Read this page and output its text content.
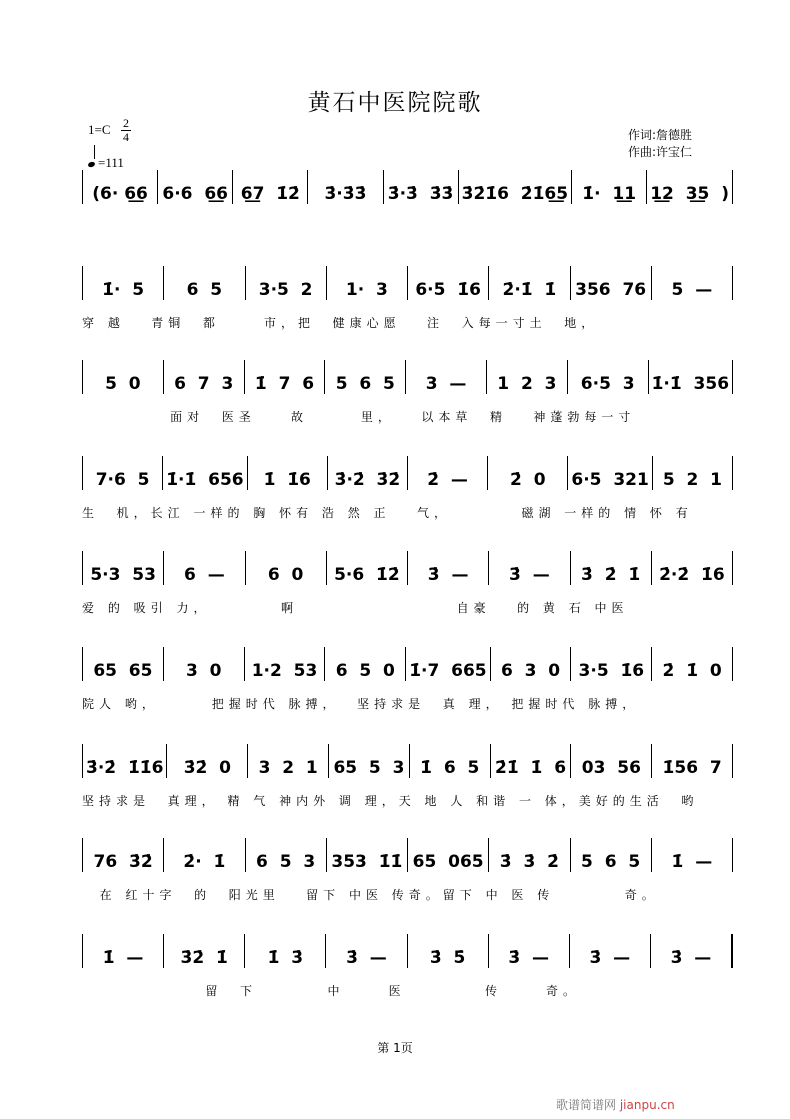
黄石中医院院歌
1=C 2
4
=111
作词:詹德胜
作曲:许宝仁
(6· 6͟6 6·6  6͟6 6͟7  1̇2̇	3̇·3̇3̇	3̇·3̇  3̇3̇ 3̇2̇1̇6  2̇1̇6͟5 1̇·  1͟1 1͟2  3͟5  )
1̇·  5	6  5	3·5  2	1·  3	6·5  1̇6	2̇·1̇  1̇	356  76	5  —
穿 越   青铜  都     市，把  健康心愿   注  入每一寸土  地，
5  0	6  7  3	1̇  7  6	5  6  5	3  —	1  2  3	6·5  3	1̇·1̇  356
面对  医圣    故      里，   以本草  精   神蓬勃每一寸
7·6  5 1̇·1̇  656	1̇  1̇6	3̇·2̇  3̇2̇	2̇  —	2̇  0	6·5  321 5  2  1
生  机，长江 一样的 胸 怀有 浩 然 正   气，        磁湖 一样的 情 怀 有
5·3  53	6  —	6  0	5·6  1̇2̇	3̇  —	3̇  —	3̇  2̇  1̇	2̇·2̇  1̇6
爱 的 吸引 力，        啊                  自豪   的 黄 石 中医
65  65	3  0	1·2  53	6  5  0 1̇·7  665 6  3  0	3·5  1̇6	2̇  1̇  0
院人 哟，      把握时代 脉搏，  坚持求是  真 理， 把握时代 脉搏，
3̇·2̇  1̇1̇6	3̇2̇  0	3  2  1 65  5  3 1̇  6  5 2̇1̇  1̇  6 03  56	1̇56  7
坚持求是  真理， 精 气 神内外 调 理，天 地 人 和谐 一 体，美好的生活  哟
76  3̇2̇	2̇·  1̇	6  5  3 353  1̇1̇ 65  065 3̇  3̇  2̇	5  6  5	1̇  —
在 红十字  的  阳光里   留下 中医 传奇。留下 中 医 传        奇。
1̇  —	3̇2̇  1̇	1̇  3̇	3̇  —	3̇  5̇	3̇  —	3̇  —	3̇  —
留  下        中     医         传     奇。
第 1页
歌谱简谱网 jianpu.cn
